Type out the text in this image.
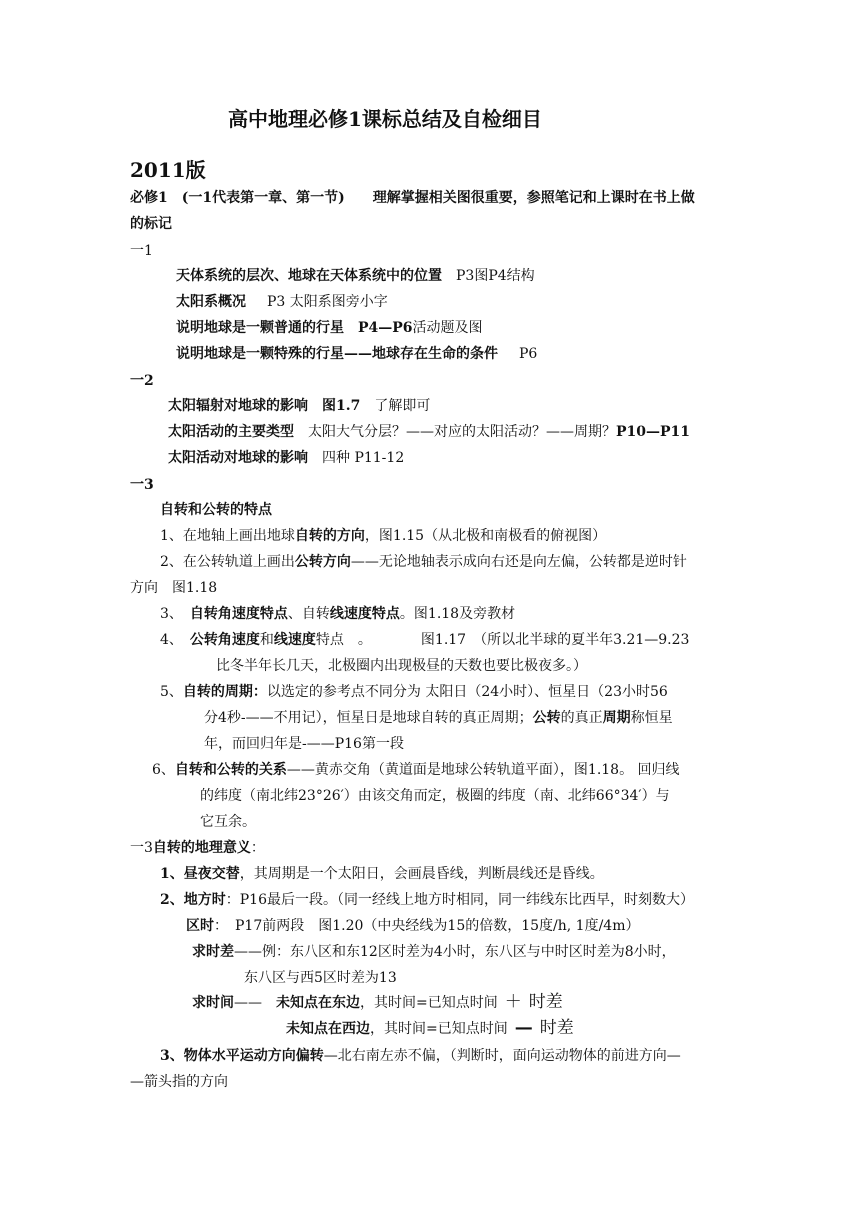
高中地理必修1课标总结及自检细目
2011版
必修1　(一1代表第一章、第一节)　　理解掌握相关图很重要，参照笔记和上课时在书上做
的标记
一1
天体系统的层次、地球在天体系统中的位置  P3图P4结构
太阳系概况   P3 太阳系图旁小字
说明地球是一颗普通的行星　P4—P6活动题及图
说明地球是一颗特殊的行星——地球存在生命的条件   P6
一2
太阳辐射对地球的影响　图1.7  了解即可
太阳活动的主要类型  太阳大气分层？——对应的太阳活动？——周期？P10—P11
太阳活动对地球的影响  四种 P11-12
一3
自转和公转的特点
1、在地轴上画出地球自转的方向，图1.15（从北极和南极看的俯视图）
2、在公转轨道上画出公转方向——无论地轴表示成向右还是向左偏，公转都是逆时针
方向　图1.18
3、  自转角速度特点、自转线速度特点。图1.18及旁教材
4、  公转角速度和线速度特点　。　　　　图1.17　（所以北半球的夏半年3.21—9.23
比冬半年长几天，北极圈内出现极昼的天数也要比极夜多。）
5、自转的周期：以选定的参考点不同分为 太阳日（24小时）、恒星日（23小时56
分4秒-——不用记），恒星日是地球自转的真正周期；公转的真正周期称恒星
年，而回归年是-——P16第一段
6、自转和公转的关系——黄赤交角（黄道面是地球公转轨道平面），图1.18。 回归线
的纬度（南北纬23°26′）由该交角而定，极圈的纬度（南、北纬66°34′）与
它互余。
一3自转的地理意义：
1、昼夜交替，其周期是一个太阳日，会画晨昏线，判断晨线还是昏线。
2、地方时：P16最后一段。（同一经线上地方时相同，同一纬线东比西早，时刻数大）
区时：　P17前两段　图1.20（中央经线为15的倍数，15度/h, 1度/4m）
求时差——例：东八区和东12区时差为4小时，东八区与中时区时差为8小时，
东八区与西5区时差为13
求时间——　未知点在东边，其时间=已知点时间  ＋  时差
未知点在西边，其时间=已知点时间  —  时差
3、物体水平运动方向偏转—北右南左赤不偏，（判断时，面向运动物体的前进方向—
—箭头指的方向
